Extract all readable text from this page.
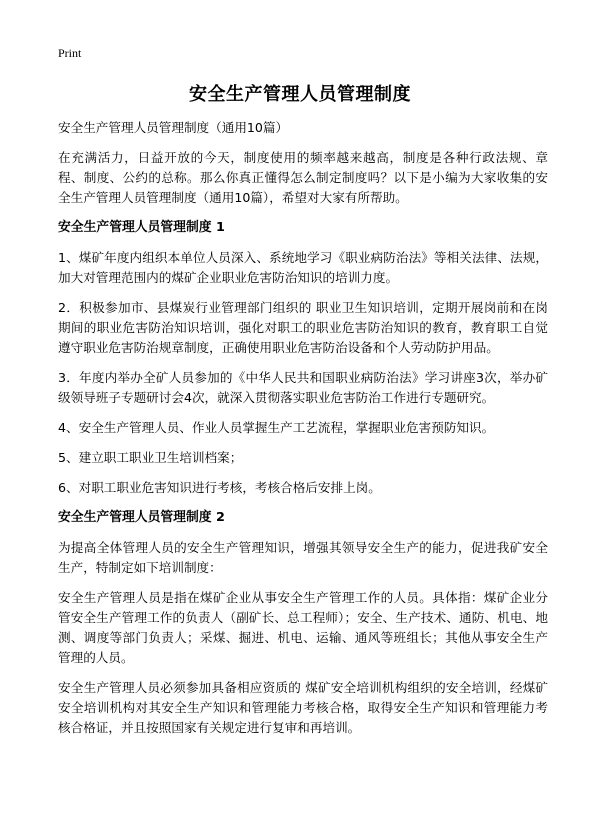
Print
安全生产管理人员管理制度

安全生产管理人员管理制度（通用10篇）

在充满活力，日益开放的今天，制度使用的频率越来越高，制度是各种行政法规、章程、制度、公约的总称。那么你真正懂得怎么制定制度吗？以下是小编为大家收集的安全生产管理人员管理制度（通用10篇），希望对大家有所帮助。

安全生产管理人员管理制度 1

1、煤矿年度内组织本单位人员深入、系统地学习《职业病防治法》等相关法律、法规，加大对管理范围内的煤矿企业职业危害防治知识的培训力度。

2．积极参加市、县煤炭行业管理部门组织的 职业卫生知识培训，定期开展岗前和在岗期间的职业危害防治知识培训，强化对职工的职业危害防治知识的教育，教育职工自觉遵守职业危害防治规章制度，正确使用职业危害防治设备和个人劳动防护用品。

3．年度内举办全矿人员参加的《中华人民共和国职业病防治法》学习讲座3次，举办矿级领导班子专题研讨会4次，就深入贯彻落实职业危害防治工作进行专题研究。

4、安全生产管理人员、作业人员掌握生产工艺流程，掌握职业危害预防知识。

5、建立职工职业卫生培训档案；

6、对职工职业危害知识进行考核，考核合格后安排上岗。

安全生产管理人员管理制度 2

为提高全体管理人员的安全生产管理知识，增强其领导安全生产的能力，促进我矿安全生产，特制定如下培训制度：

安全生产管理人员是指在煤矿企业从事安全生产管理工作的人员。具体指：煤矿企业分管安全生产管理工作的负责人（副矿长、总工程师）；安全、生产技术、通防、机电、地测、调度等部门负责人；采煤、掘进、机电、运输、通风等班组长；其他从事安全生产管理的人员。

安全生产管理人员必须参加具备相应资质的 煤矿安全培训机构组织的安全培训，经煤矿安全培训机构对其安全生产知识和管理能力考核合格，取得安全生产知识和管理能力考核合格证，并且按照国家有关规定进行复审和再培训。
